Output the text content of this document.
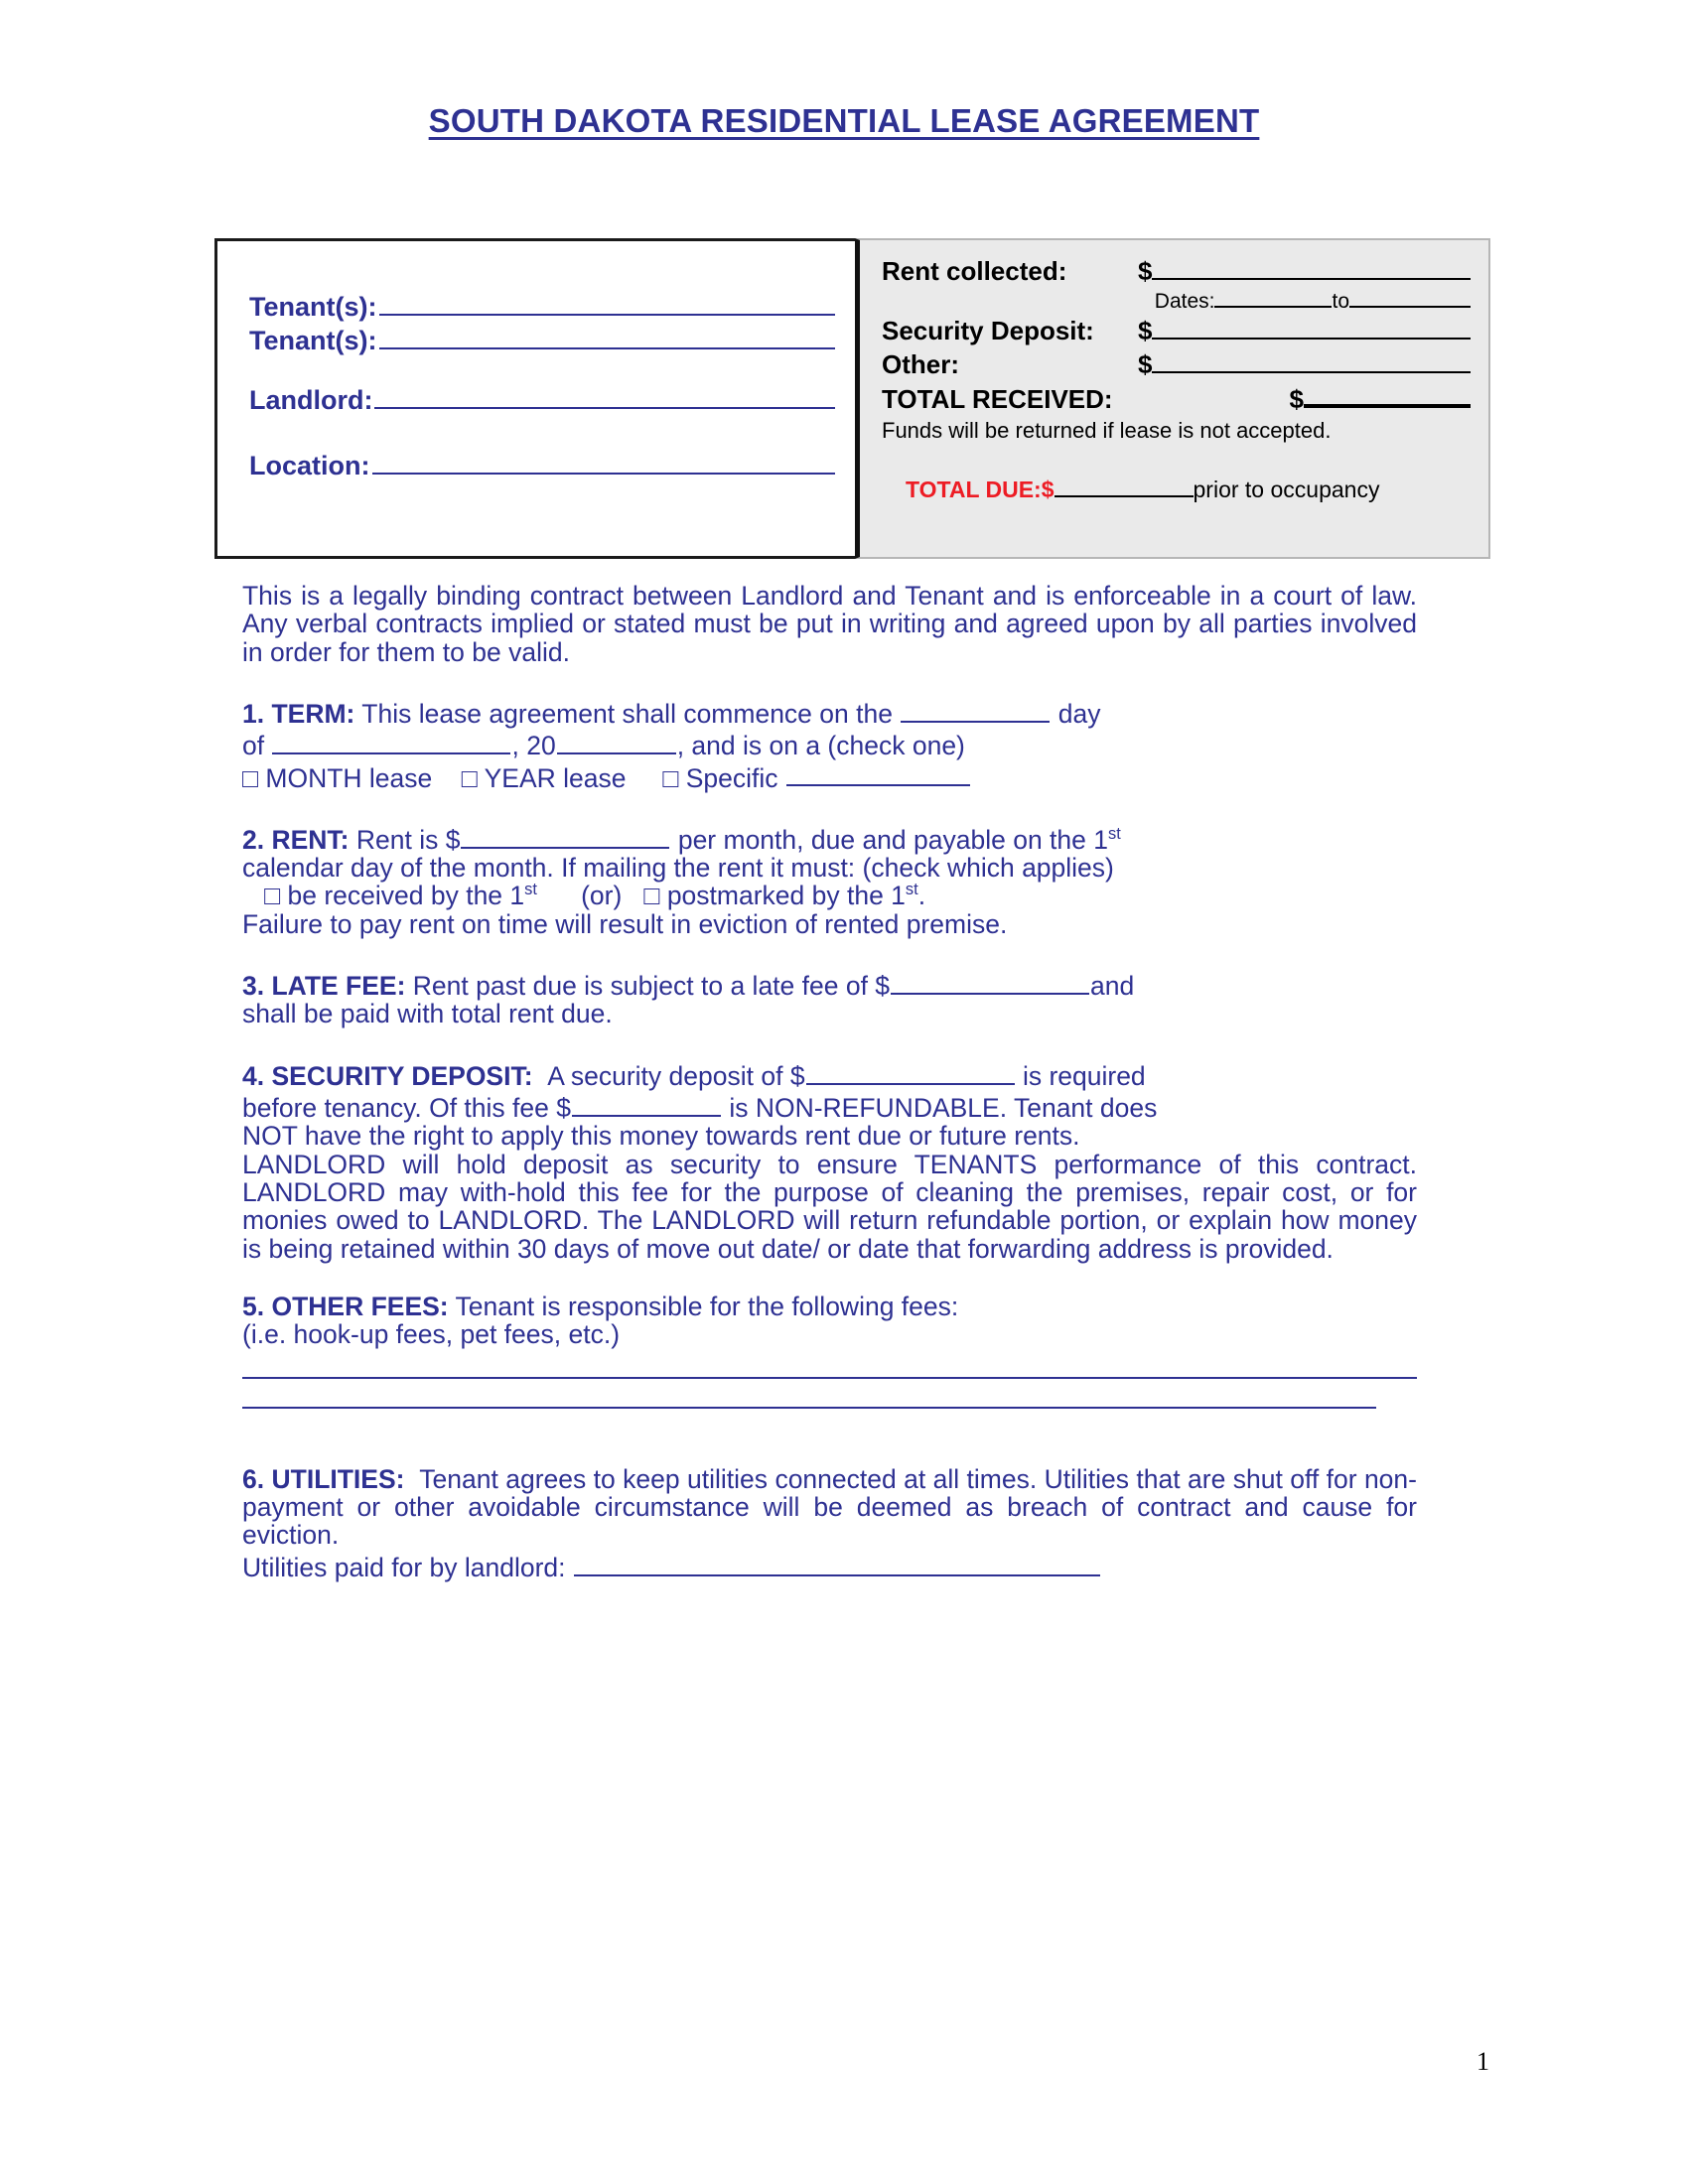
SOUTH DAKOTA RESIDENTIAL LEASE AGREEMENT
Tenant(s):
Tenant(s):
Landlord:
Location:
Rent collected:	$
Dates:	to
Security Deposit:	$
Other:	$
TOTAL RECEIVED:	$
Funds will be returned if lease is not accepted.
TOTAL DUE:$	prior to occupancy

This is a legally binding contract between Landlord and Tenant and is enforceable in a court of law. Any verbal contracts implied or stated must be put in writing and agreed upon by all parties involved in order for them to be valid.

1. TERM: This lease agreement shall commence on the	day
of	, 20	, and is on a (check one)

□ MONTH lease □ YEAR lease □ Specific

2. RENT: Rent is $	per month, due and payable on the 1st
calendar day of the month. If mailing the rent it must: (check which applies)

□ be received by the 1st (or) □ postmarked by the 1st.

Failure to pay rent on time will result in eviction of rented premise.

3. LATE FEE: Rent past due is subject to a late fee of $	and
shall be paid with total rent due.

4. SECURITY DEPOSIT: A security deposit of $	is required
before tenancy. Of this fee $	is NON-REFUNDABLE. Tenant does
NOT have the right to apply this money towards rent due or future rents.

LANDLORD will hold deposit as security to ensure TENANTS performance of this contract. LANDLORD may with-hold this fee for the purpose of cleaning the premises, repair cost, or for monies owed to LANDLORD. The LANDLORD will return refundable portion, or explain how money is being retained within 30 days of move out date/ or date that forwarding address is provided.

5. OTHER FEES: Tenant is responsible for the following fees:
(i.e. hook-up fees, pet fees, etc.)

6. UTILITIES: Tenant agrees to keep utilities connected at all times. Utilities that are shut off for non-payment or other avoidable circumstance will be deemed as breach of contract and cause for eviction.

Utilities paid for by landlord:

1
